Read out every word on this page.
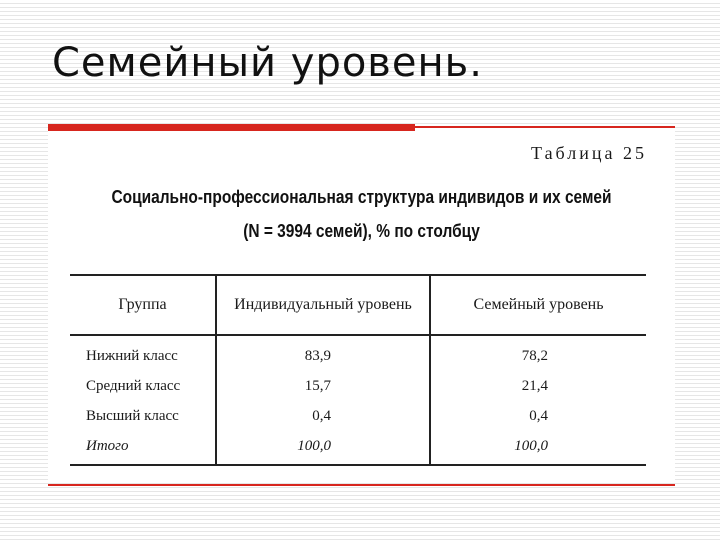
Семейный уровень.
Таблица 25
Социально-профессиональная структура индивидов и их семей
(N = 3994 семей), % по столбцу
Группа	Индивидуальный уровень	Семейный уровень
Нижний класс	83,9	78,2
Средний класс	15,7	21,4
Высший класс	0,4	0,4
Итого	100,0	100,0
